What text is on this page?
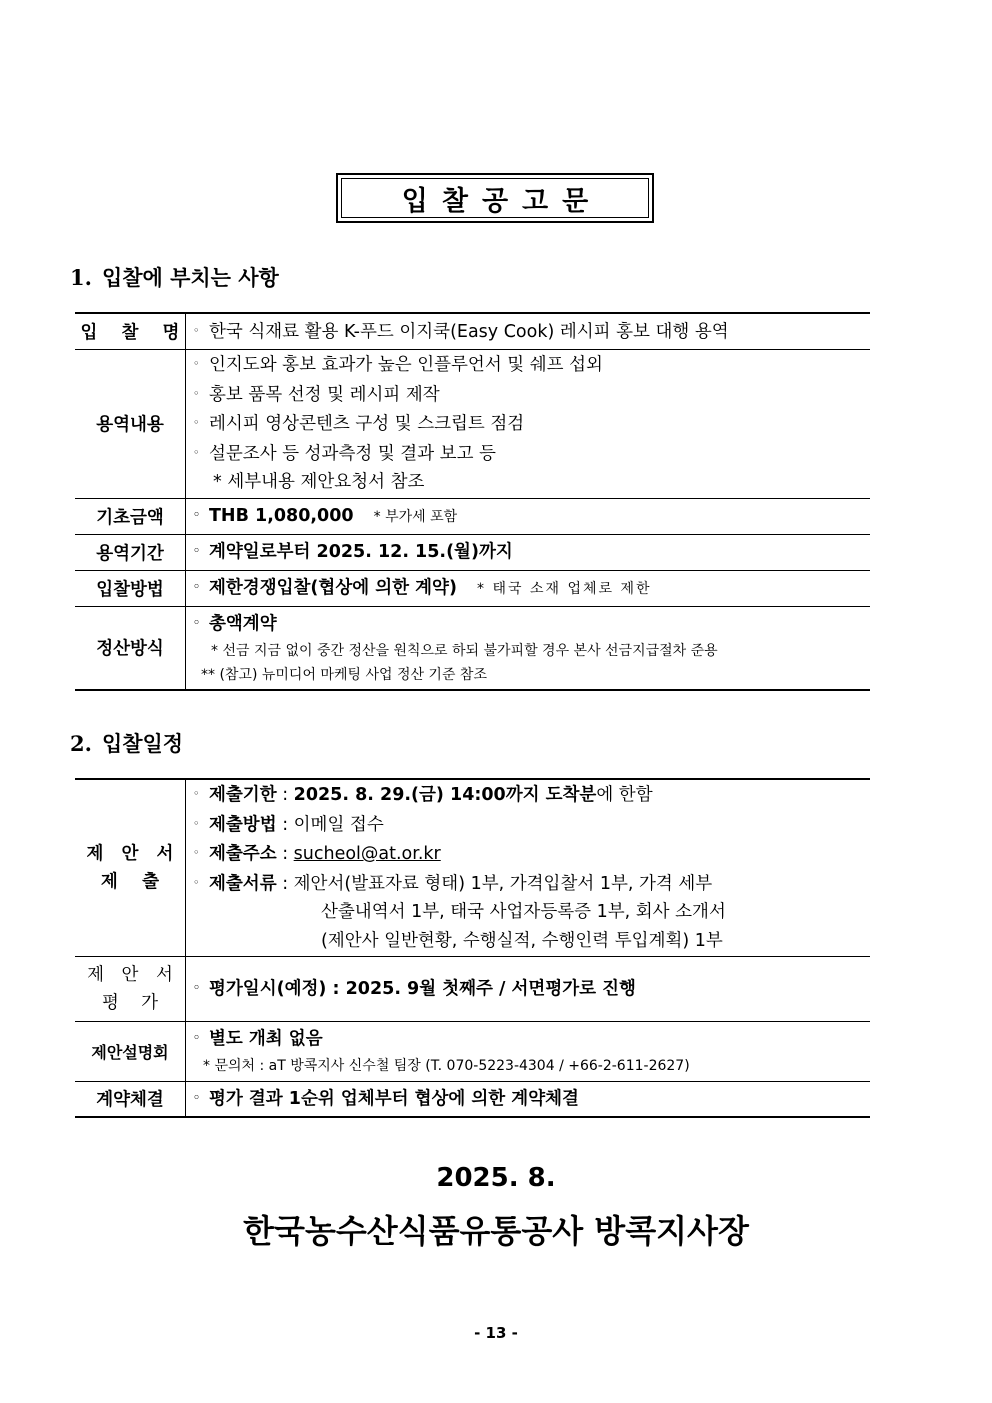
입찰공고문
1. 입찰에 부치는 사항
입 찰 명	◦ 한국 식재료 활용 K-푸드 이지쿡(Easy Cook) 레시피 홍보 대행 용역
용역내용	◦ 인지도와 홍보 효과가 높은 인플루언서 및 쉐프 섭외
◦ 홍보 품목 선정 및 레시피 제작
◦ 레시피 영상콘텐츠 구성 및 스크립트 점검
◦ 설문조사 등 성과측정 및 결과 보고 등
* 세부내용 제안요청서 참조

기초금액	◦ THB 1,080,000 * 부가세 포함
용역기간	◦ 계약일로부터 2025. 12. 15.(월)까지
입찰방법	◦ 제한경쟁입찰(협상에 의한 계약) * 태국 소재 업체로 제한
정산방식	◦ 총액계약
* 선금 지금 없이 중간 정산을 원칙으로 하되 불가피할 경우 본사 선금지급절차 준용
** (참고) 뉴미디어 마케팅 사업 정산 기준 참조
2. 입찰일정
제 안 서
제    출

◦ 제출기한 : 2025. 8. 29.(금) 14:00까지 도착분에 한함
◦ 제출방법 : 이메일 접수
◦ 제출주소 : sucheol@at.or.kr
◦ 제출서류 : 제안서(발표자료 형태) 1부, 가격입찰서 1부, 가격 세부
산출내역서 1부, 태국 사업자등록증 1부, 회사 소개서
(제안사 일반현황, 수행실적, 수행인력 투입계획) 1부

제 안 서
평    가	◦ 평가일시(예정) : 2025. 9월 첫째주 / 서면평가로 진행
제안설명회	◦ 별도 개최 없음
* 문의처 : aT 방콕지사 신수철 팀장 (T. 070-5223-4304 / +66-2-611-2627)

계약체결	◦ 평가 결과 1순위 업체부터 협상에 의한 계약체결
2025. 8.
한국농수산식품유통공사 방콕지사장
- 13 -
